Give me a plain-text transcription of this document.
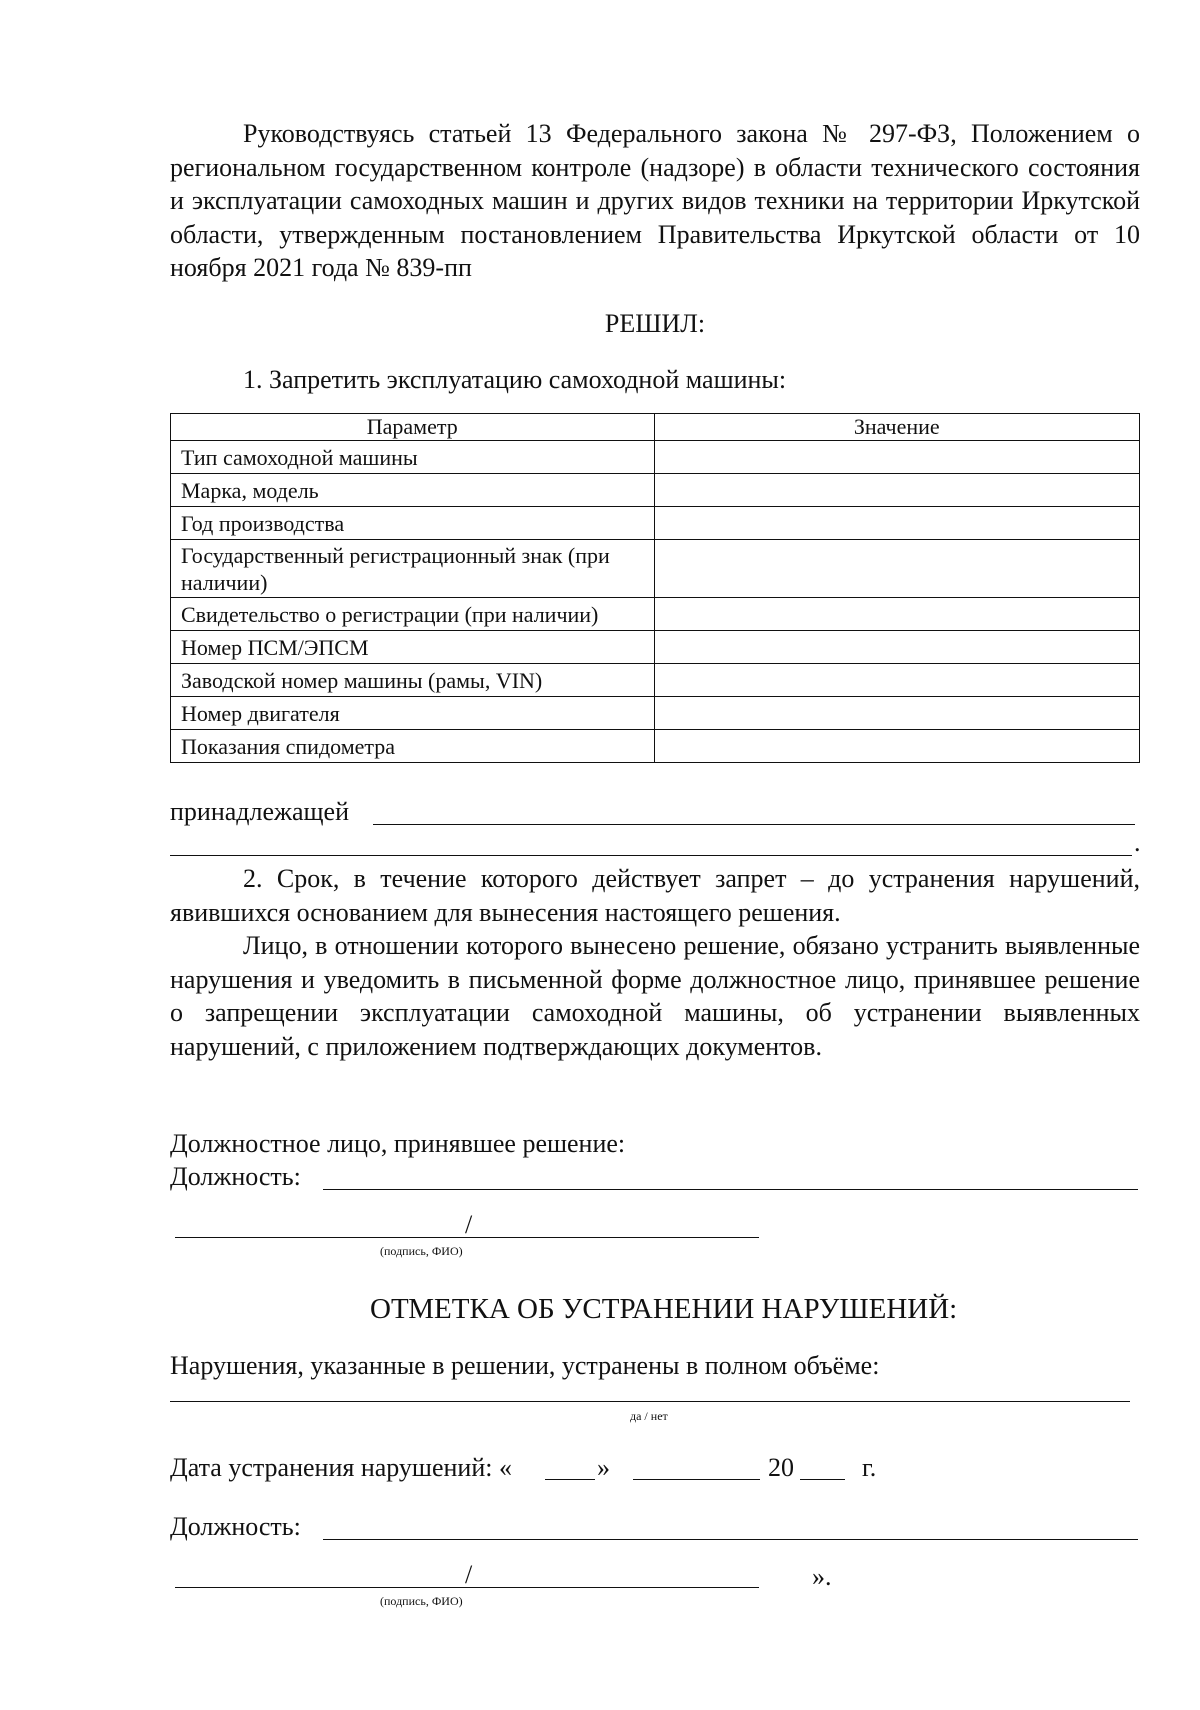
Руководствуясь статьей 13 Федерального закона № 297-ФЗ, Положением о региональном государственном контроле (надзоре) в области технического состояния и эксплуатации самоходных машин и других видов техники на территории Иркутской области, утвержденным постановлением Правительства Иркутской области от 10 ноября 2021 года № 839-пп
РЕШИЛ:
1. Запретить эксплуатацию самоходной машины:
Параметр	Значение
Тип самоходной машины	
Марка, модель	
Год производства	
Государственный регистрационный знак (при наличии)	
Свидетельство о регистрации (при наличии)	
Номер ПСМ/ЭПСМ	
Заводской номер машины (рамы, VIN)	
Номер двигателя	
Показания спидометра	
принадлежащей
.
2. Срок, в течение которого действует запрет – до устранения нарушений, явившихся основанием для вынесения настоящего решения.
Лицо, в отношении которого вынесено решение, обязано устранить выявленные нарушения и уведомить в письменной форме должностное лицо, принявшее решение о запрещении эксплуатации самоходной машины, об устранении выявленных нарушений, с приложением подтверждающих документов.
Должностное лицо, принявшее решение:
Должность:
/
(подпись, ФИО)
ОТМЕТКА ОБ УСТРАНЕНИИ НАРУШЕНИЙ:
Нарушения, указанные в решении, устранены в полном объёме:
да / нет
Дата устранения нарушений: «	»	20	г.
Должность:
/
(подпись, ФИО)
».
